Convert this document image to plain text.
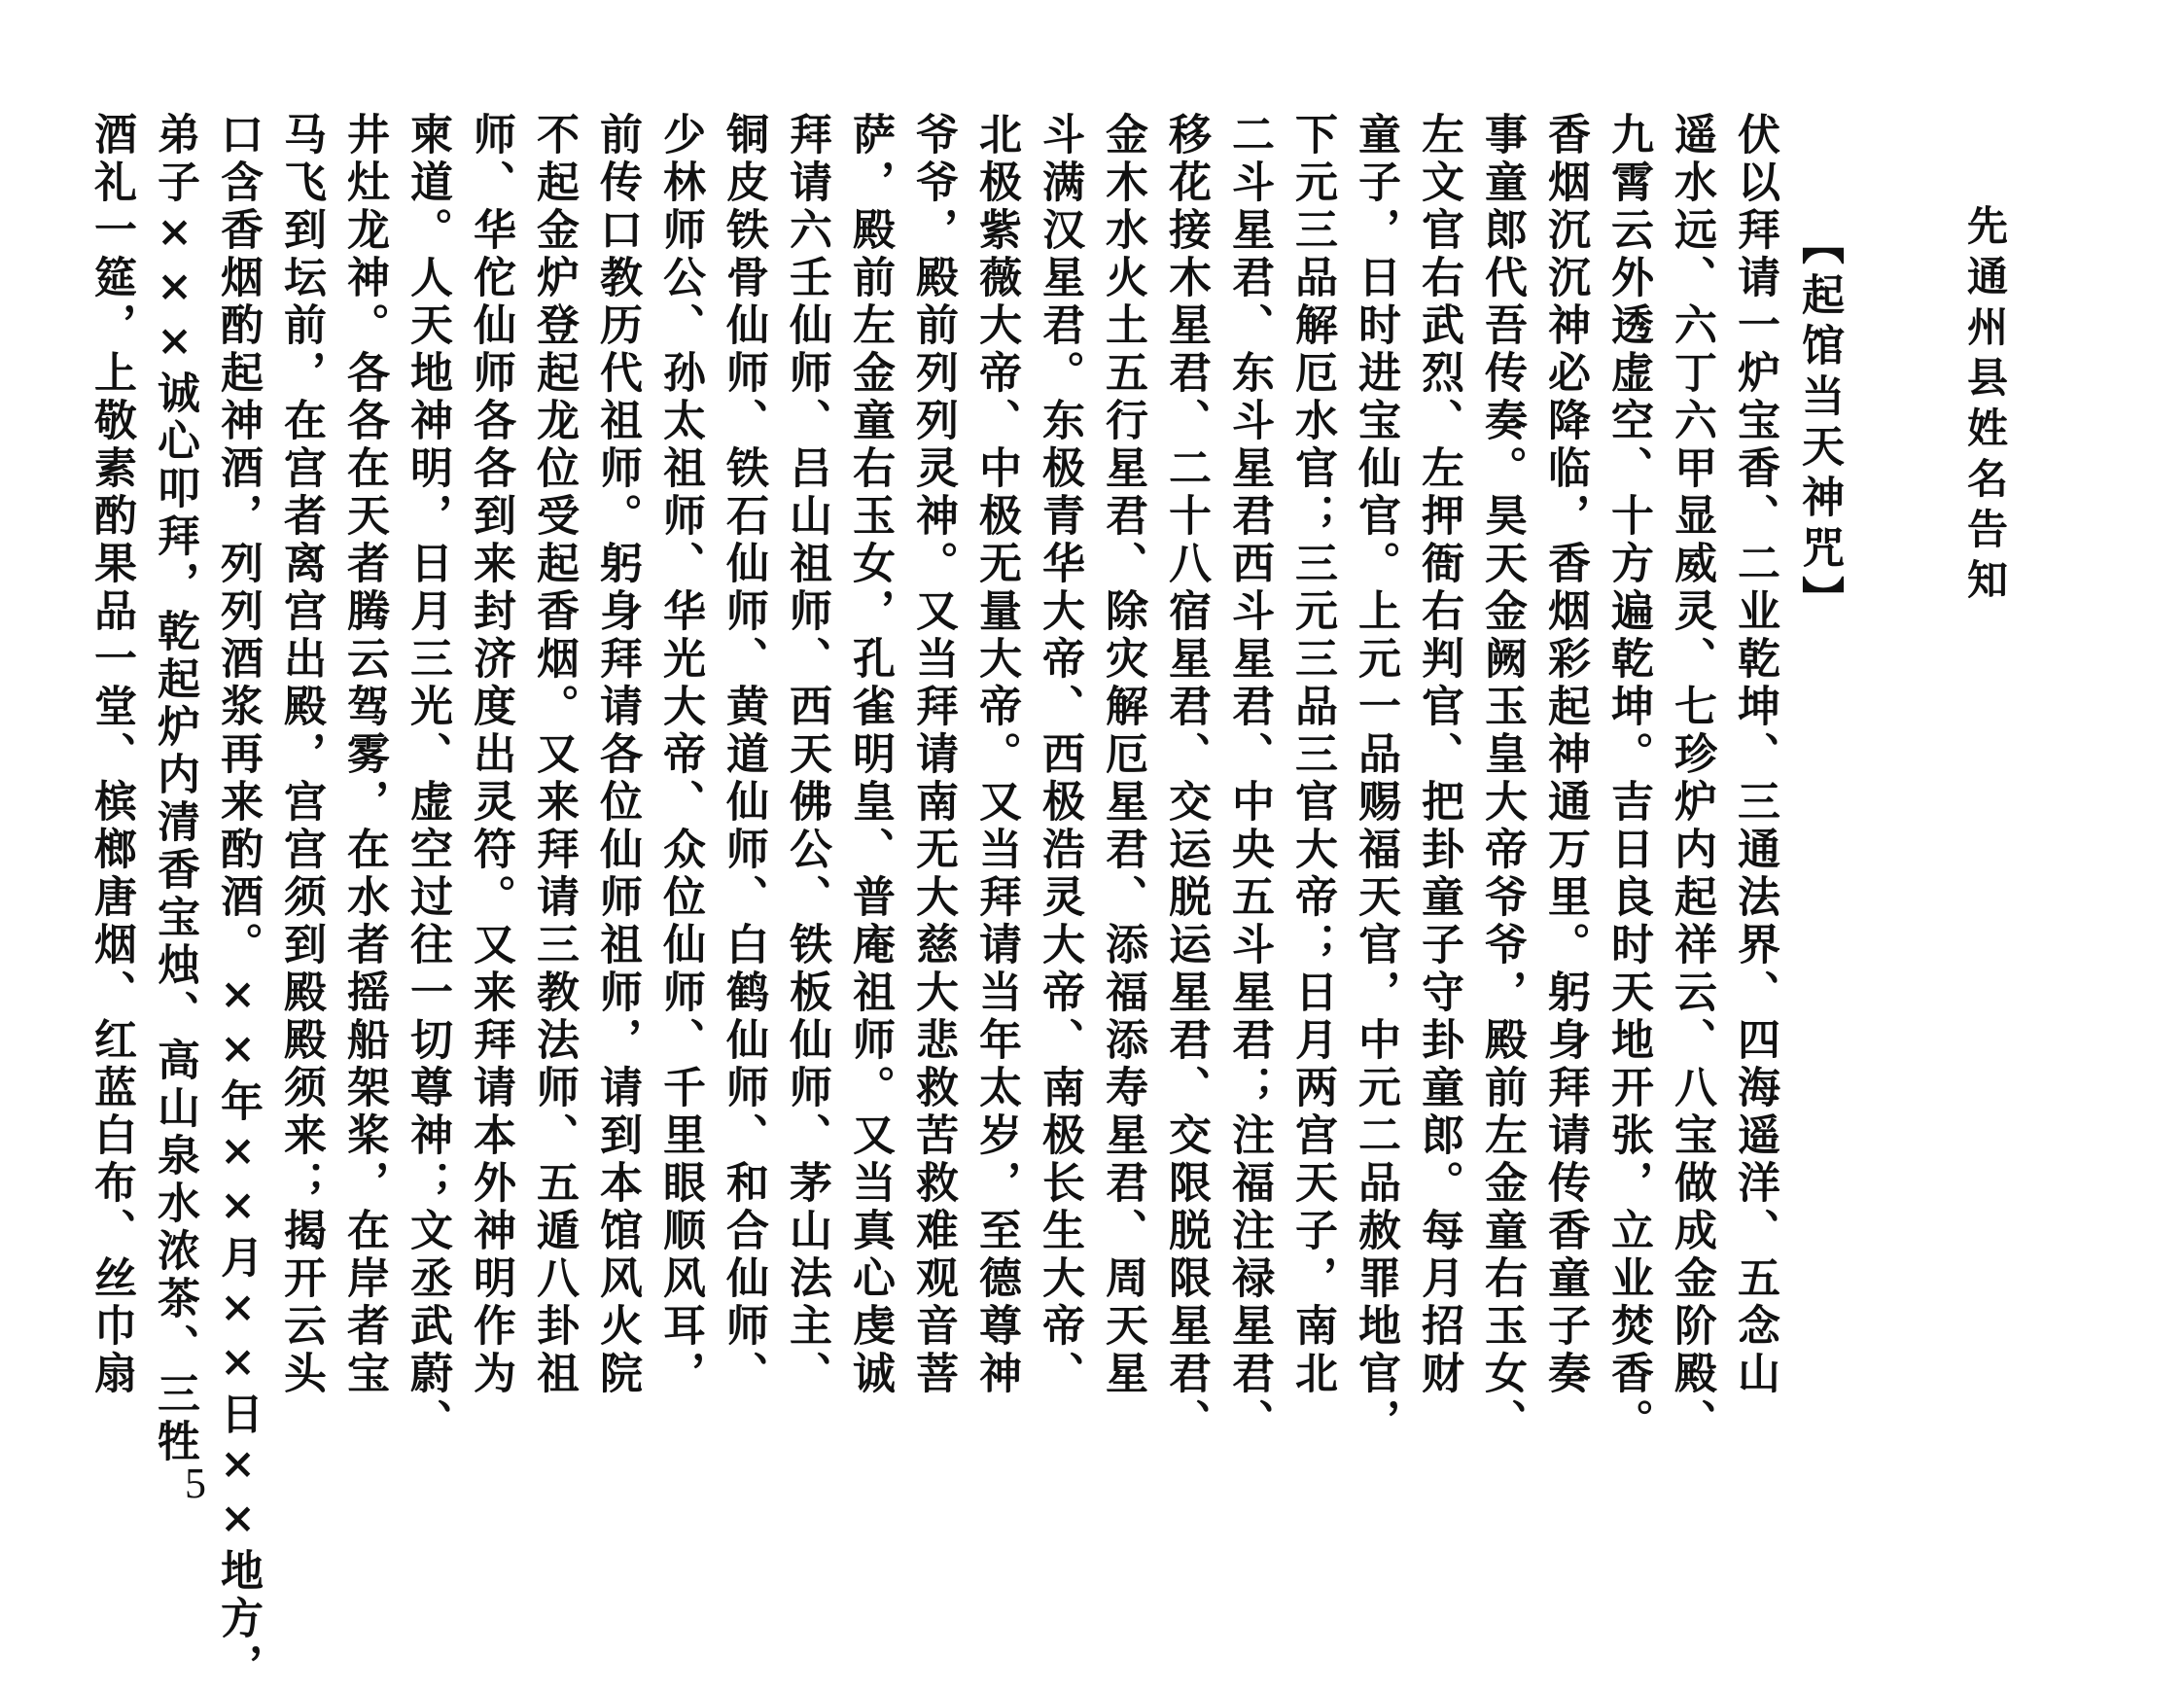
先通州县姓名告知
【起馆当天神咒】
伏以拜请一炉宝香、二业乾坤、三通法界、四海遥洋、五念山
遥水远、六丁六甲显威灵、七珍炉内起祥云、八宝做成金阶殿、
九霄云外透虚空、十方遍乾坤。吉日良时天地开张，立业焚香。
香烟沉沉神必降临，香烟彩起神通万里。躬身拜请传香童子奏
事童郎代吾传奏。昊天金阙玉皇大帝爷爷，殿前左金童右玉女、
左文官右武烈、左押衙右判官、把卦童子守卦童郎。每月招财
童子，日时进宝仙官。上元一品赐福天官，中元二品赦罪地官，
下元三品解厄水官；三元三品三官大帝；日月两宫天子，南北
二斗星君、东斗星君西斗星君、中央五斗星君；注福注禄星君、
移花接木星君、二十八宿星君、交运脱运星君、交限脱限星君、
金木水火土五行星君、除灾解厄星君、添福添寿星君、周天星
斗满汉星君。东极青华大帝、西极浩灵大帝、南极长生大帝、
北极紫薇大帝、中极无量大帝。又当拜请当年太岁，至德尊神
爷爷，殿前列列灵神。又当拜请南无大慈大悲救苦救难观音菩
萨，殿前左金童右玉女，孔雀明皇、普庵祖师。又当真心虔诚
拜请六壬仙师、吕山祖师、西天佛公、铁板仙师、茅山法主、
铜皮铁骨仙师、铁石仙师、黄道仙师、白鹤仙师、和合仙师、
少林师公、孙太祖师、华光大帝、众位仙师、千里眼顺风耳，
前传口教历代祖师。躬身拜请各位仙师祖师，请到本馆风火院
不起金炉登起龙位受起香烟。又来拜请三教法师、五遁八卦祖
师、华佗仙师各各到来封济度出灵符。又来拜请本外神明作为
柬道。人天地神明，日月三光、虚空过往一切尊神；文丞武蔚、
井灶龙神。各各在天者腾云驾雾，在水者摇船架桨，在岸者宝
马飞到坛前，在宫者离宫出殿，宫宫须到殿殿须来；揭开云头
口含香烟酌起神酒，列列酒浆再来酌酒。××年××月××日××地方，
弟子×××诚心叩拜，乾起炉内清香宝烛、高山泉水浓茶、三牲
酒礼一筵，上敬素酌果品一堂、槟榔唐烟、红蓝白布、丝巾扇
5
